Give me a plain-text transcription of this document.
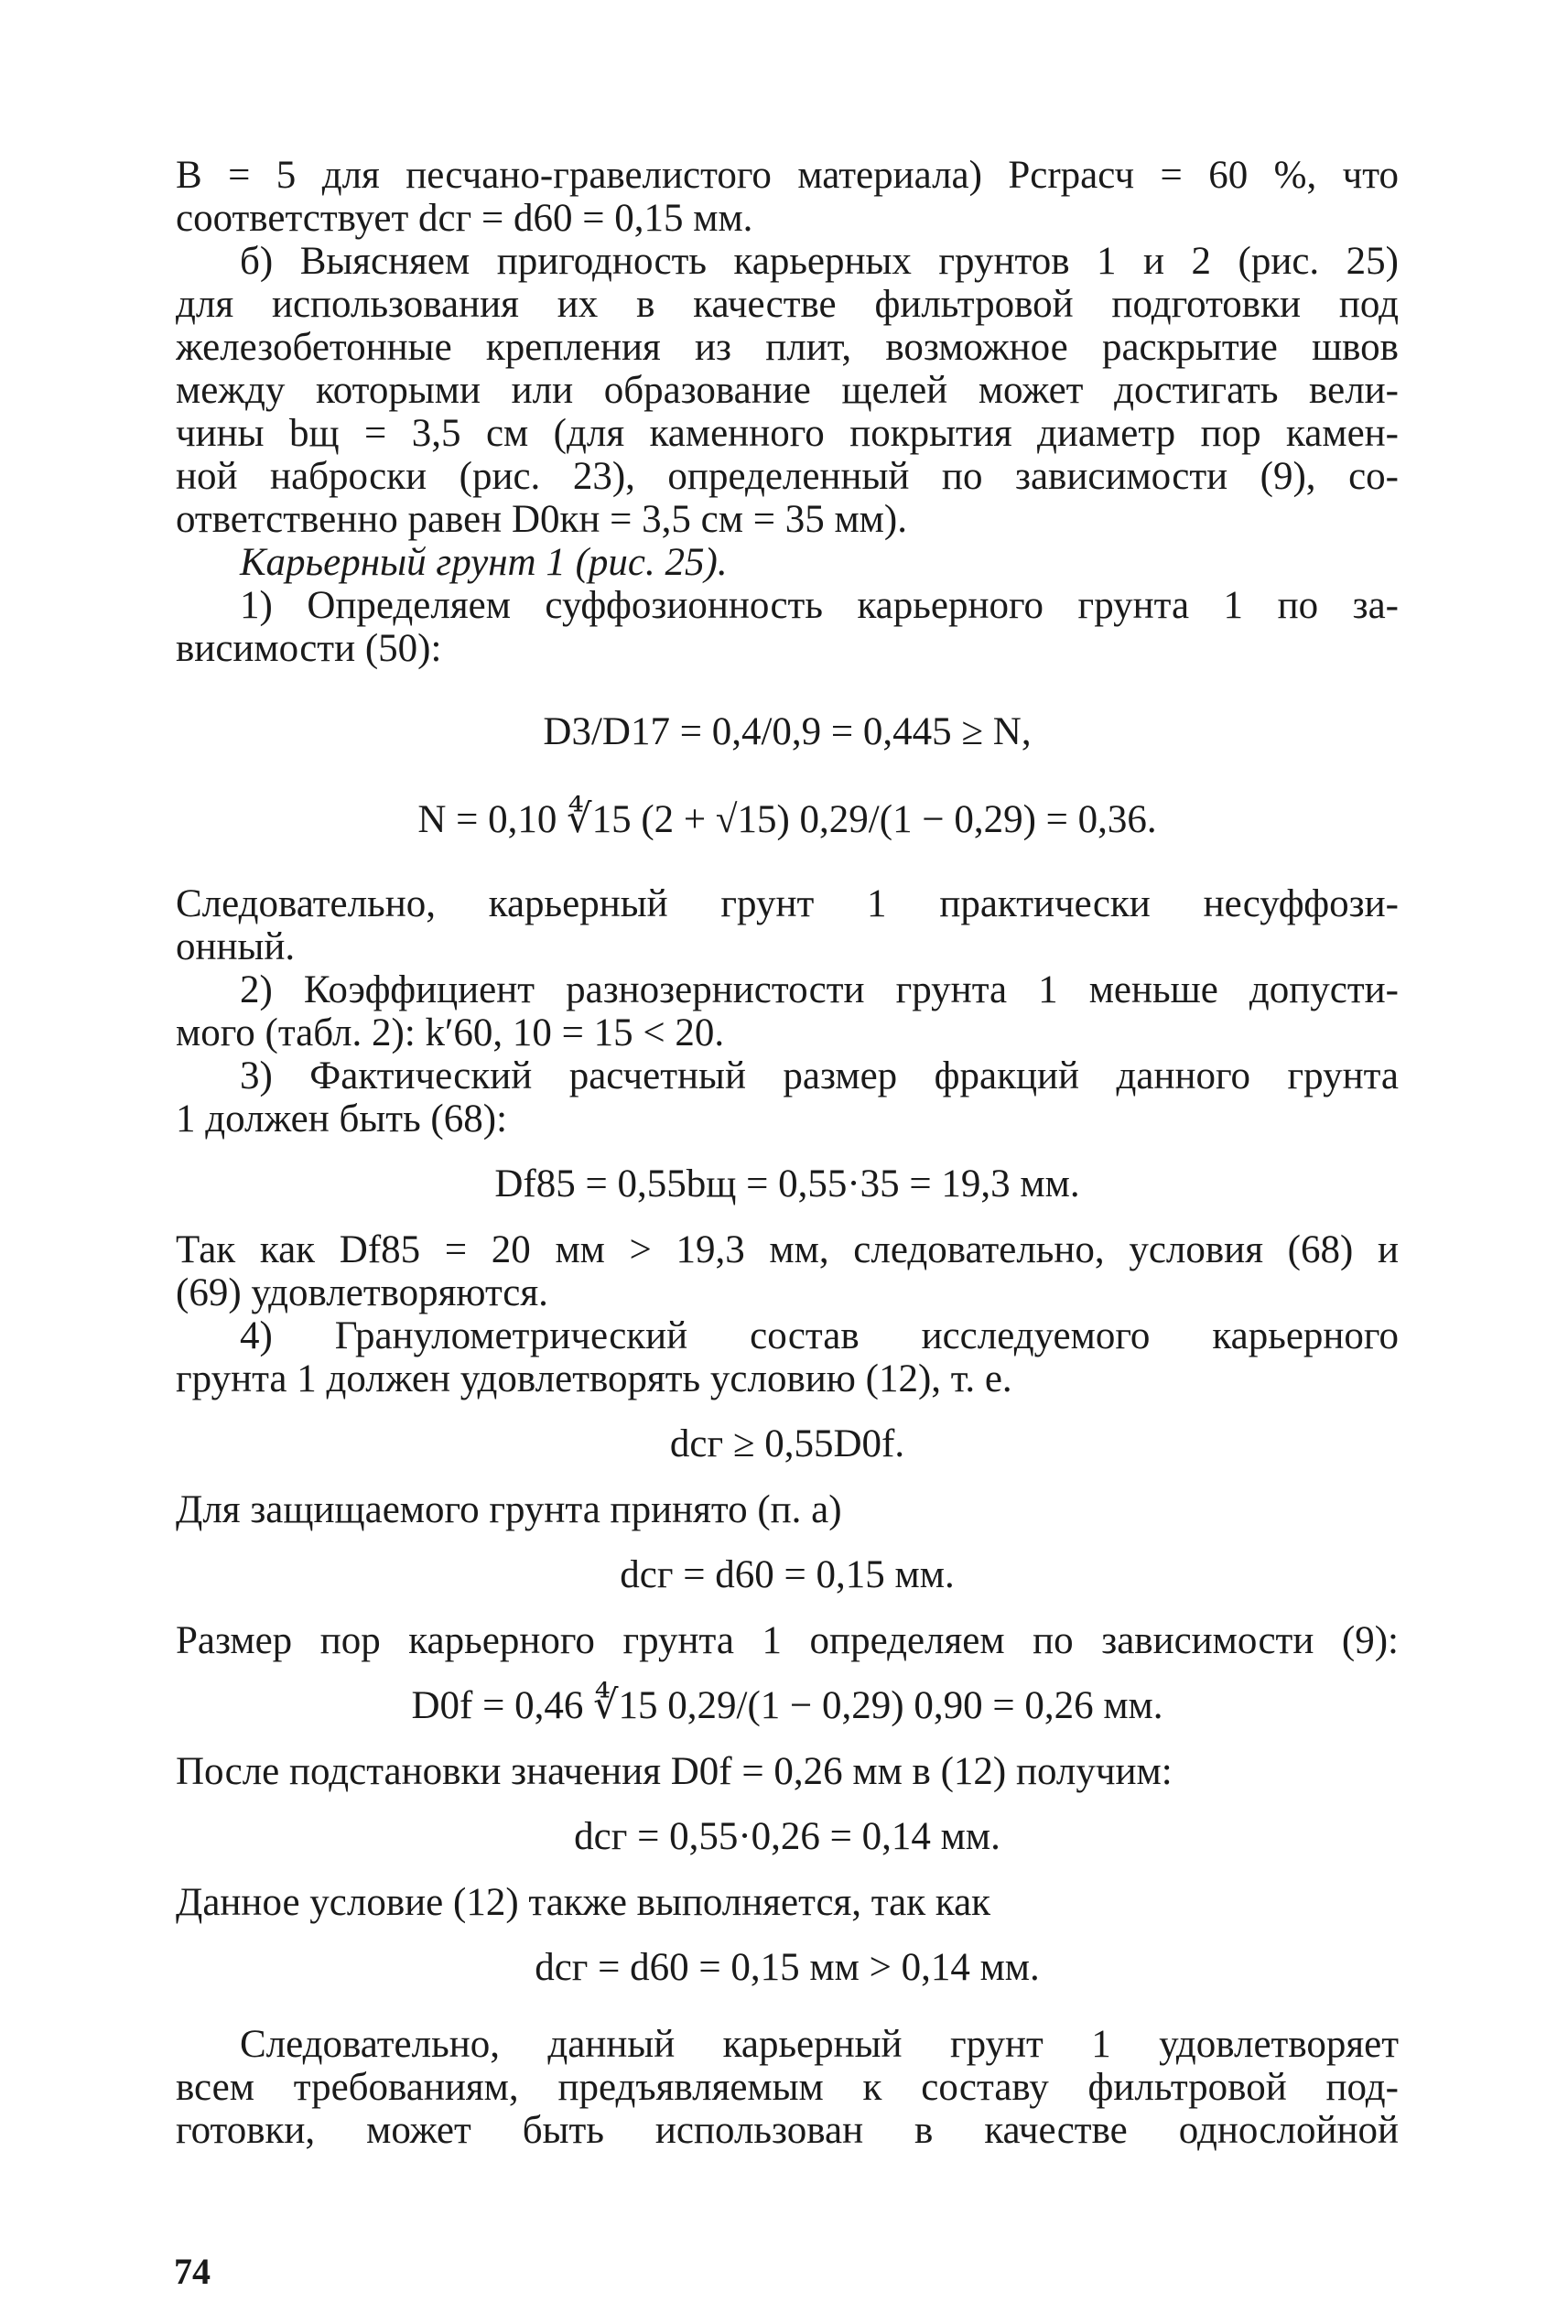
B = 5 для песчано-гравелистого материала) Pcrрасч = 60 %, что
соответствует dсг = d60 = 0,15 мм.
б) Выясняем пригодность карьерных грунтов 1 и 2 (рис. 25)
для использования их в качестве фильтровой подготовки под
железобетонные крепления из плит, возможное раскрытие швов
между которыми или образование щелей может достигать вели-
чины bщ = 3,5 см (для каменного покрытия диаметр пор камен-
ной наброски (рис. 23), определенный по зависимости (9), со-
ответственно равен D0кн = 3,5 см = 35 мм).
Карьерный грунт 1 (рис. 25).
1) Определяем суффозионность карьерного грунта 1 по за-
висимости (50):
D3/D17 = 0,4/0,9 = 0,445 ≥ N,
N = 0,10 ∜15 (2 + √15) 0,29/(1 − 0,29) = 0,36.
Следовательно, карьерный грунт 1 практически несуффози-
онный.
2) Коэффициент разнозернистости грунта 1 меньше допусти-
мого (табл. 2): k′60, 10 = 15 < 20.
3) Фактический расчетный размер фракций данного грунта
1 должен быть (68):
Df85 = 0,55bщ = 0,55·35 = 19,3 мм.
Так как Df85 = 20 мм > 19,3 мм, следовательно, условия (68) и
(69) удовлетворяются.
4) Гранулометрический состав исследуемого карьерного
грунта 1 должен удовлетворять условию (12), т. е.
dсг ≥ 0,55D0f.
Для защищаемого грунта принято (п. а)
dсг = d60 = 0,15 мм.
Размер пор карьерного грунта 1 определяем по зависимости (9):
D0f = 0,46 ∜15 0,29/(1 − 0,29) 0,90 = 0,26 мм.
После подстановки значения D0f = 0,26 мм в (12) получим:
dсг = 0,55·0,26 = 0,14 мм.
Данное условие (12) также выполняется, так как
dсг = d60 = 0,15 мм > 0,14 мм.
Следовательно, данный карьерный грунт 1 удовлетворяет
всем требованиям, предъявляемым к составу фильтровой под-
готовки, может быть использован в качестве однослойной
74
